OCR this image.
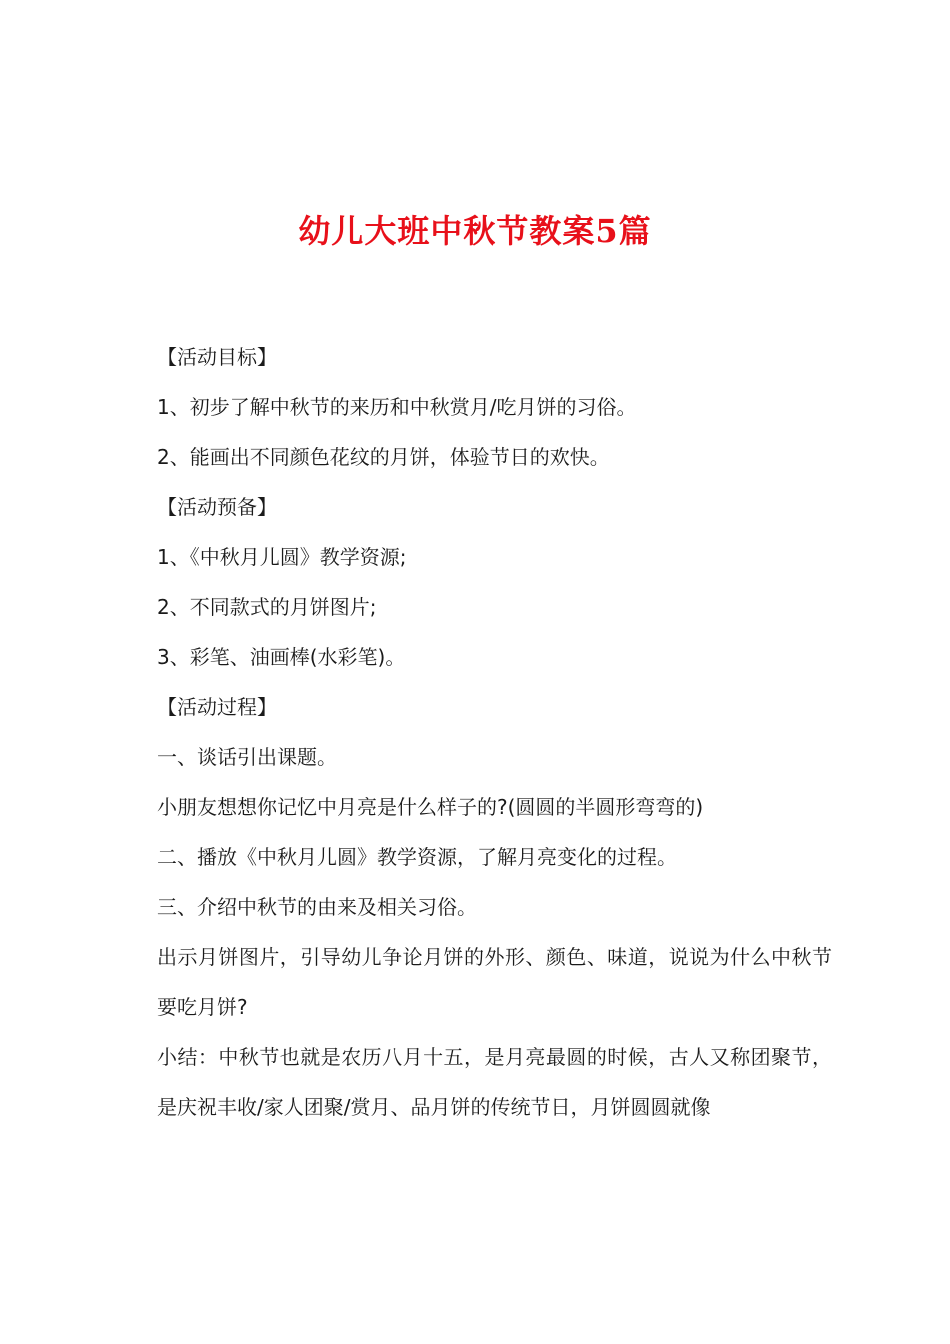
幼儿大班中秋节教案5篇

【活动目标】

1、初步了解中秋节的来历和中秋赏月/吃月饼的习俗。

2、能画出不同颜色花纹的月饼，体验节日的欢快。

【活动预备】

1、《中秋月儿圆》教学资源;

2、不同款式的月饼图片;

3、彩笔、油画棒(水彩笔)。

【活动过程】

一、谈话引出课题。

小朋友想想你记忆中月亮是什么样子的?(圆圆的半圆形弯弯的)

二、播放《中秋月儿圆》教学资源，了解月亮变化的过程。

三、介绍中秋节的由来及相关习俗。

出示月饼图片，引导幼儿争论月饼的外形、颜色、味道，说说为什么中秋节要吃月饼?

小结：中秋节也就是农历八月十五，是月亮最圆的时候，古人又称团聚节，是庆祝丰收/家人团聚/赏月、品月饼的传统节日，月饼圆圆就像
